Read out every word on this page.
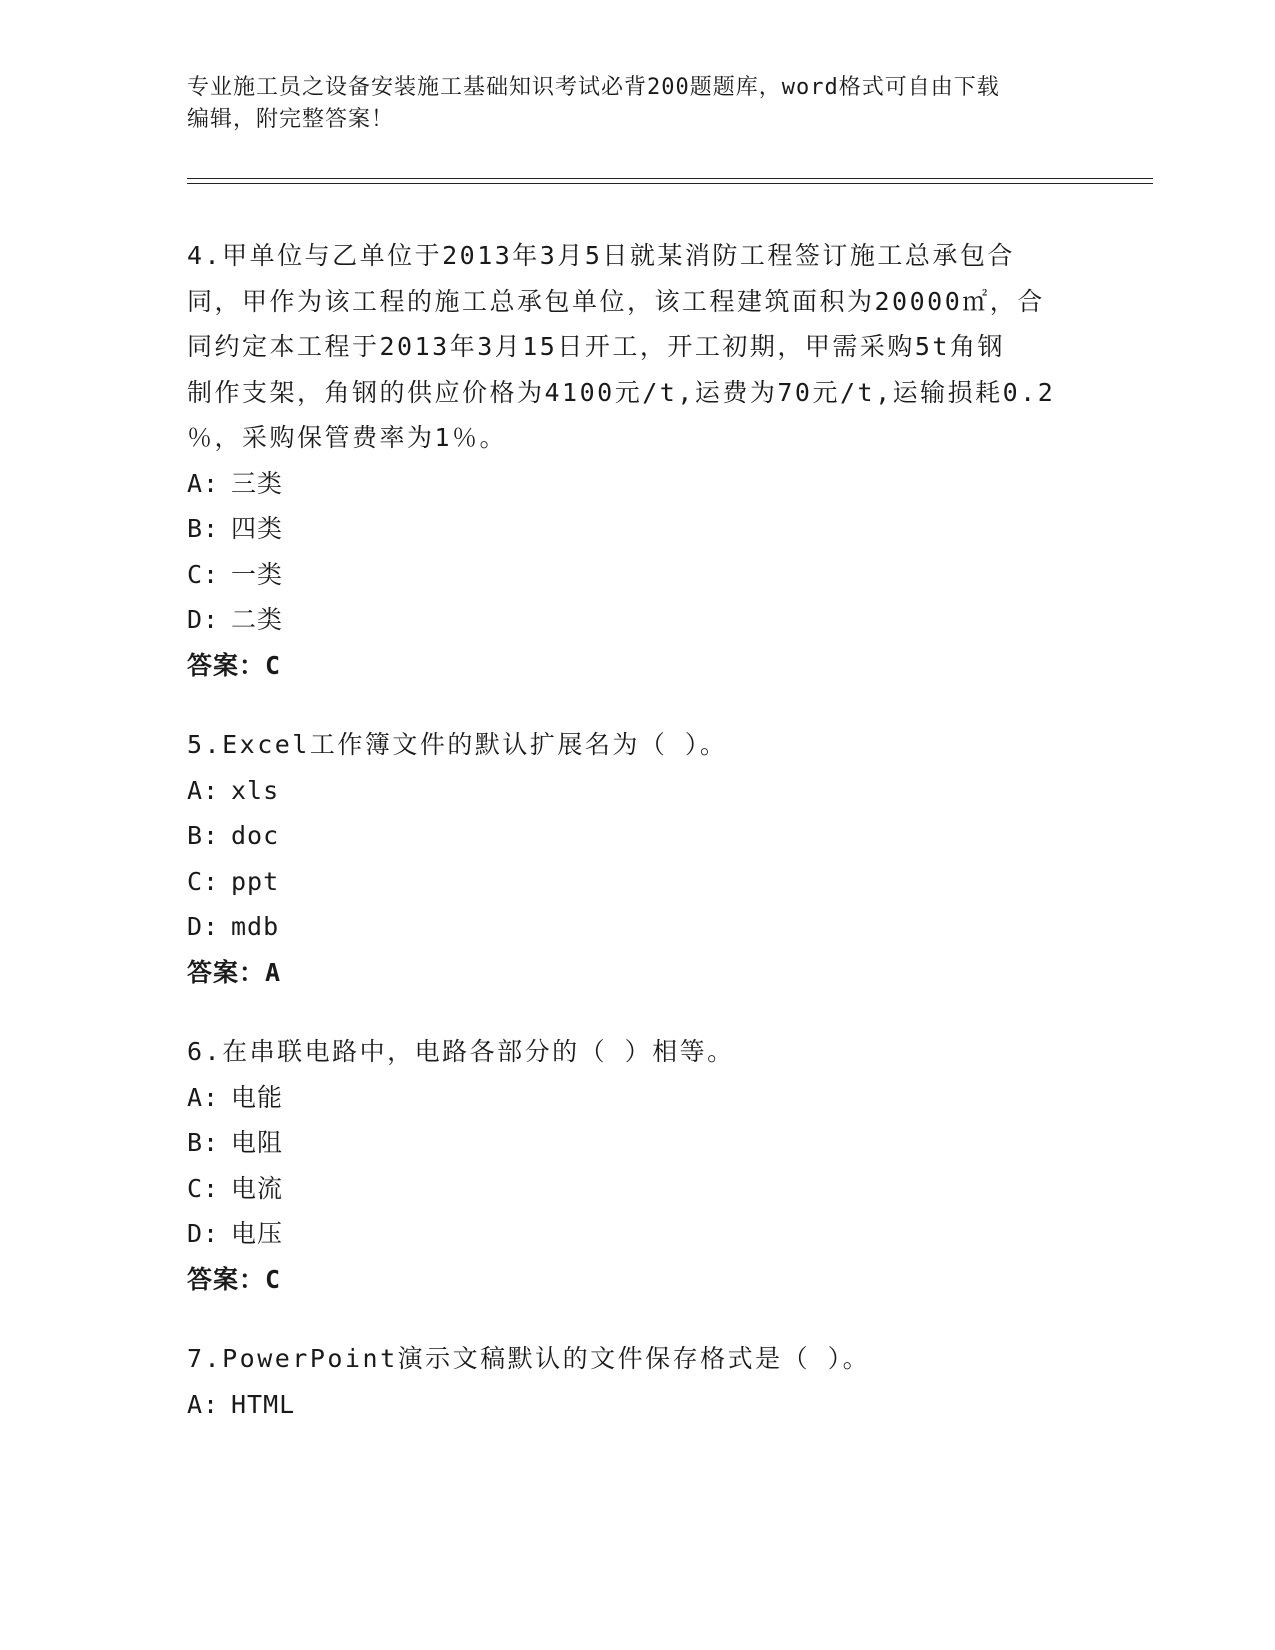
专业施工员之设备安装施工基础知识考试必背200题题库，word格式可自由下载
编辑，附完整答案！
4.甲单位与乙单位于2013年3月5日就某消防工程签订施工总承包合
同，甲作为该工程的施工总承包单位，该工程建筑面积为20000㎡，合
同约定本工程于2013年3月15日开工，开工初期，甲需采购5t角钢
制作支架，角钢的供应价格为4100元/t,运费为70元/t,运输损耗0.2
％，采购保管费率为1％。
A: 三类
B: 四类
C: 一类
D: 二类
答案：C
5.Excel工作簿文件的默认扩展名为（ ）。
A: xls
B: doc
C: ppt
D: mdb
答案：A
6.在串联电路中，电路各部分的（ ）相等。
A: 电能
B: 电阻
C: 电流
D: 电压
答案：C
7.PowerPoint演示文稿默认的文件保存格式是（ ）。
A: HTML
